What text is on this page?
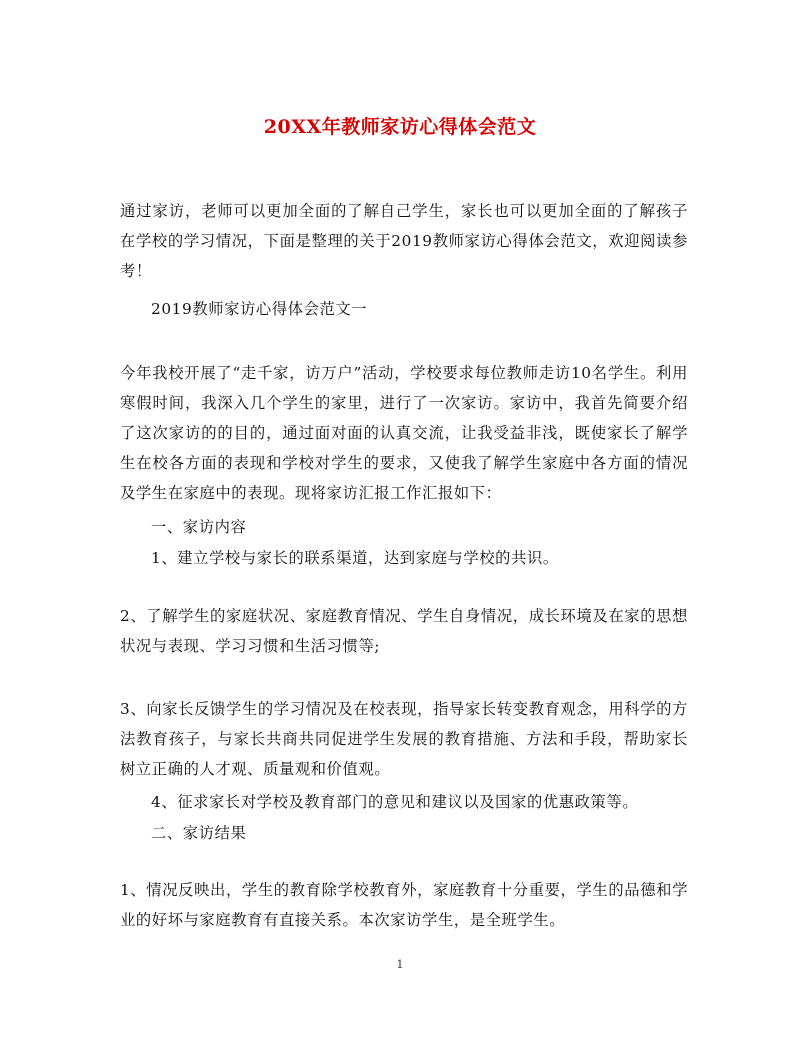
20XX年教师家访心得体会范文

通过家访，老师可以更加全面的了解自己学生，家长也可以更加全面的了解孩子在学校的学习情况，下面是整理的关于2019教师家访心得体会范文，欢迎阅读参考！

2019教师家访心得体会范文一

今年我校开展了“走千家，访万户”活动，学校要求每位教师走访10名学生。利用寒假时间，我深入几个学生的家里，进行了一次家访。家访中，我首先简要介绍了这次家访的的目的，通过面对面的认真交流，让我受益非浅，既使家长了解学生在校各方面的表现和学校对学生的要求，又使我了解学生家庭中各方面的情况及学生在家庭中的表现。现将家访汇报工作汇报如下：

一、家访内容

1、建立学校与家长的联系渠道，达到家庭与学校的共识。

2、了解学生的家庭状况、家庭教育情况、学生自身情况，成长环境及在家的思想状况与表现、学习习惯和生活习惯等;

3、向家长反馈学生的学习情况及在校表现，指导家长转变教育观念，用科学的方法教育孩子，与家长共商共同促进学生发展的教育措施、方法和手段，帮助家长树立正确的人才观、质量观和价值观。

4、征求家长对学校及教育部门的意见和建议以及国家的优惠政策等。

二、家访结果

1、情况反映出，学生的教育除学校教育外，家庭教育十分重要，学生的品德和学业的好坏与家庭教育有直接关系。本次家访学生，是全班学生。

1
